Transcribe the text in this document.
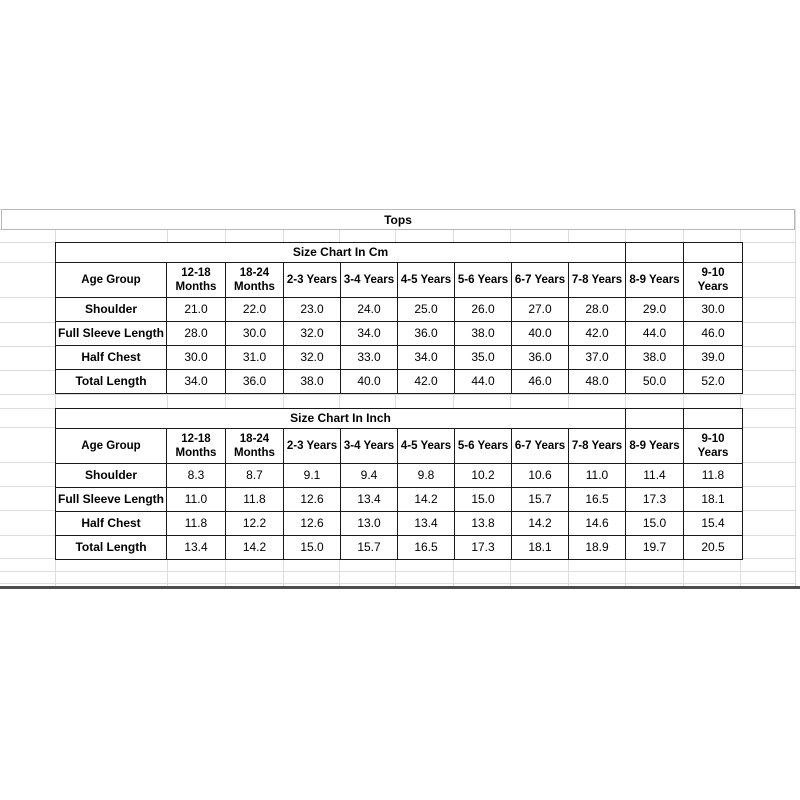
Tops
Size Chart In Cm										
Age Group	12-18 Months	18-24 Months	2-3 Years	3-4 Years	4-5 Years	5-6 Years	6-7 Years	7-8 Years	8-9 Years	9-10 Years
Shoulder	21.0	22.0	23.0	24.0	25.0	26.0	27.0	28.0	29.0	30.0
Full Sleeve Length	28.0	30.0	32.0	34.0	36.0	38.0	40.0	42.0	44.0	46.0
Half Chest	30.0	31.0	32.0	33.0	34.0	35.0	36.0	37.0	38.0	39.0
Total Length	34.0	36.0	38.0	40.0	42.0	44.0	46.0	48.0	50.0	52.0
Size Chart In Inch										
Age Group	12-18 Months	18-24 Months	2-3 Years	3-4 Years	4-5 Years	5-6 Years	6-7 Years	7-8 Years	8-9 Years	9-10 Years
Shoulder	8.3	8.7	9.1	9.4	9.8	10.2	10.6	11.0	11.4	11.8
Full Sleeve Length	11.0	11.8	12.6	13.4	14.2	15.0	15.7	16.5	17.3	18.1
Half Chest	11.8	12.2	12.6	13.0	13.4	13.8	14.2	14.6	15.0	15.4
Total Length	13.4	14.2	15.0	15.7	16.5	17.3	18.1	18.9	19.7	20.5
